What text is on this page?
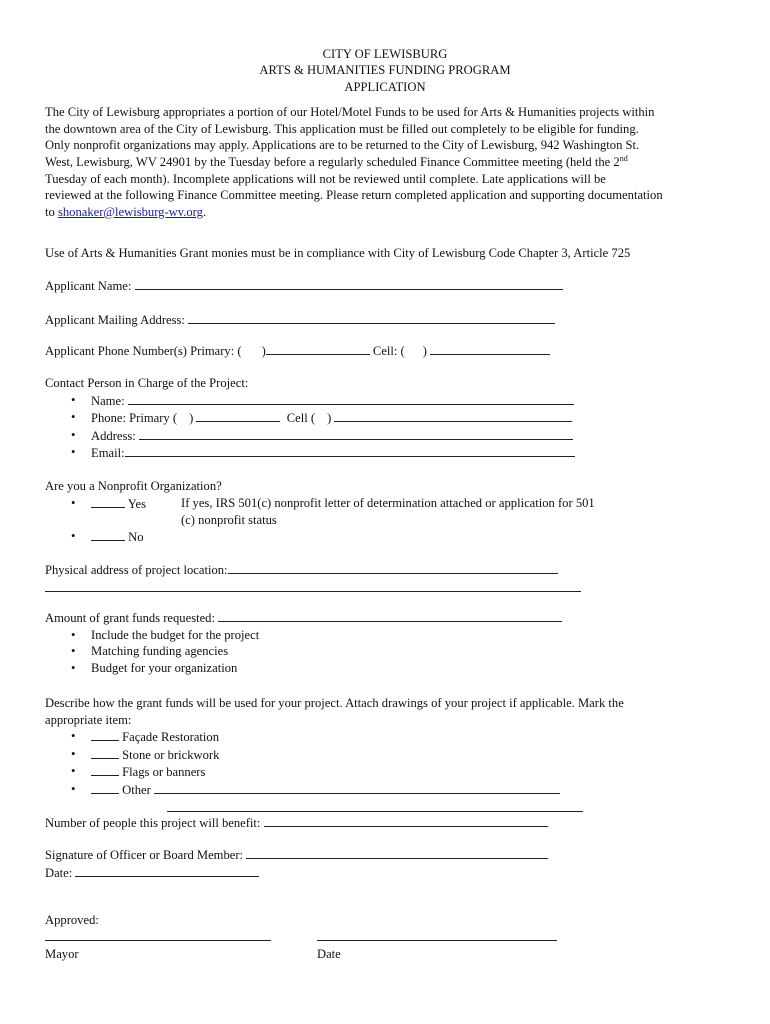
CITY OF LEWISBURG
ARTS & HUMANITIES FUNDING PROGRAM
APPLICATION
The City of Lewisburg appropriates a portion of our Hotel/Motel Funds to be used for Arts & Humanities projects within
the downtown area of the City of Lewisburg. This application must be filled out completely to be eligible for funding.
Only nonprofit organizations may apply. Applications are to be returned to the City of Lewisburg, 942 Washington St.
West, Lewisburg, WV 24901 by the Tuesday before a regularly scheduled Finance Committee meeting (held the 2nd
Tuesday of each month). Incomplete applications will not be reviewed until complete. Late applications will be
reviewed at the following Finance Committee meeting. Please return completed application and supporting documentation
to shonaker@lewisburg-wv.org.
Use of Arts & Humanities Grant monies must be in compliance with City of Lewisburg Code Chapter 3, Article 725
Applicant Name:
Applicant Mailing Address:
Applicant Phone Number(s) Primary: ( )	Cell: ( )
Contact Person in Charge of the Project:
• Name:
• Phone: Primary ( )	Cell ( )
• Address:
• Email:
Are you a Nonprofit Organization?
• Yes	If yes, IRS 501(c) nonprofit letter of determination attached or application for 501
(c) nonprofit status
• No
Physical address of project location:
Amount of grant funds requested:
• Include the budget for the project
• Matching funding agencies
• Budget for your organization
Describe how the grant funds will be used for your project. Attach drawings of your project if applicable. Mark the
appropriate item:
• Façade Restoration
• Stone or brickwork
• Flags or banners
• Other
Number of people this project will benefit:
Signature of Officer or Board Member:
Date:
Approved:
Mayor	Date
